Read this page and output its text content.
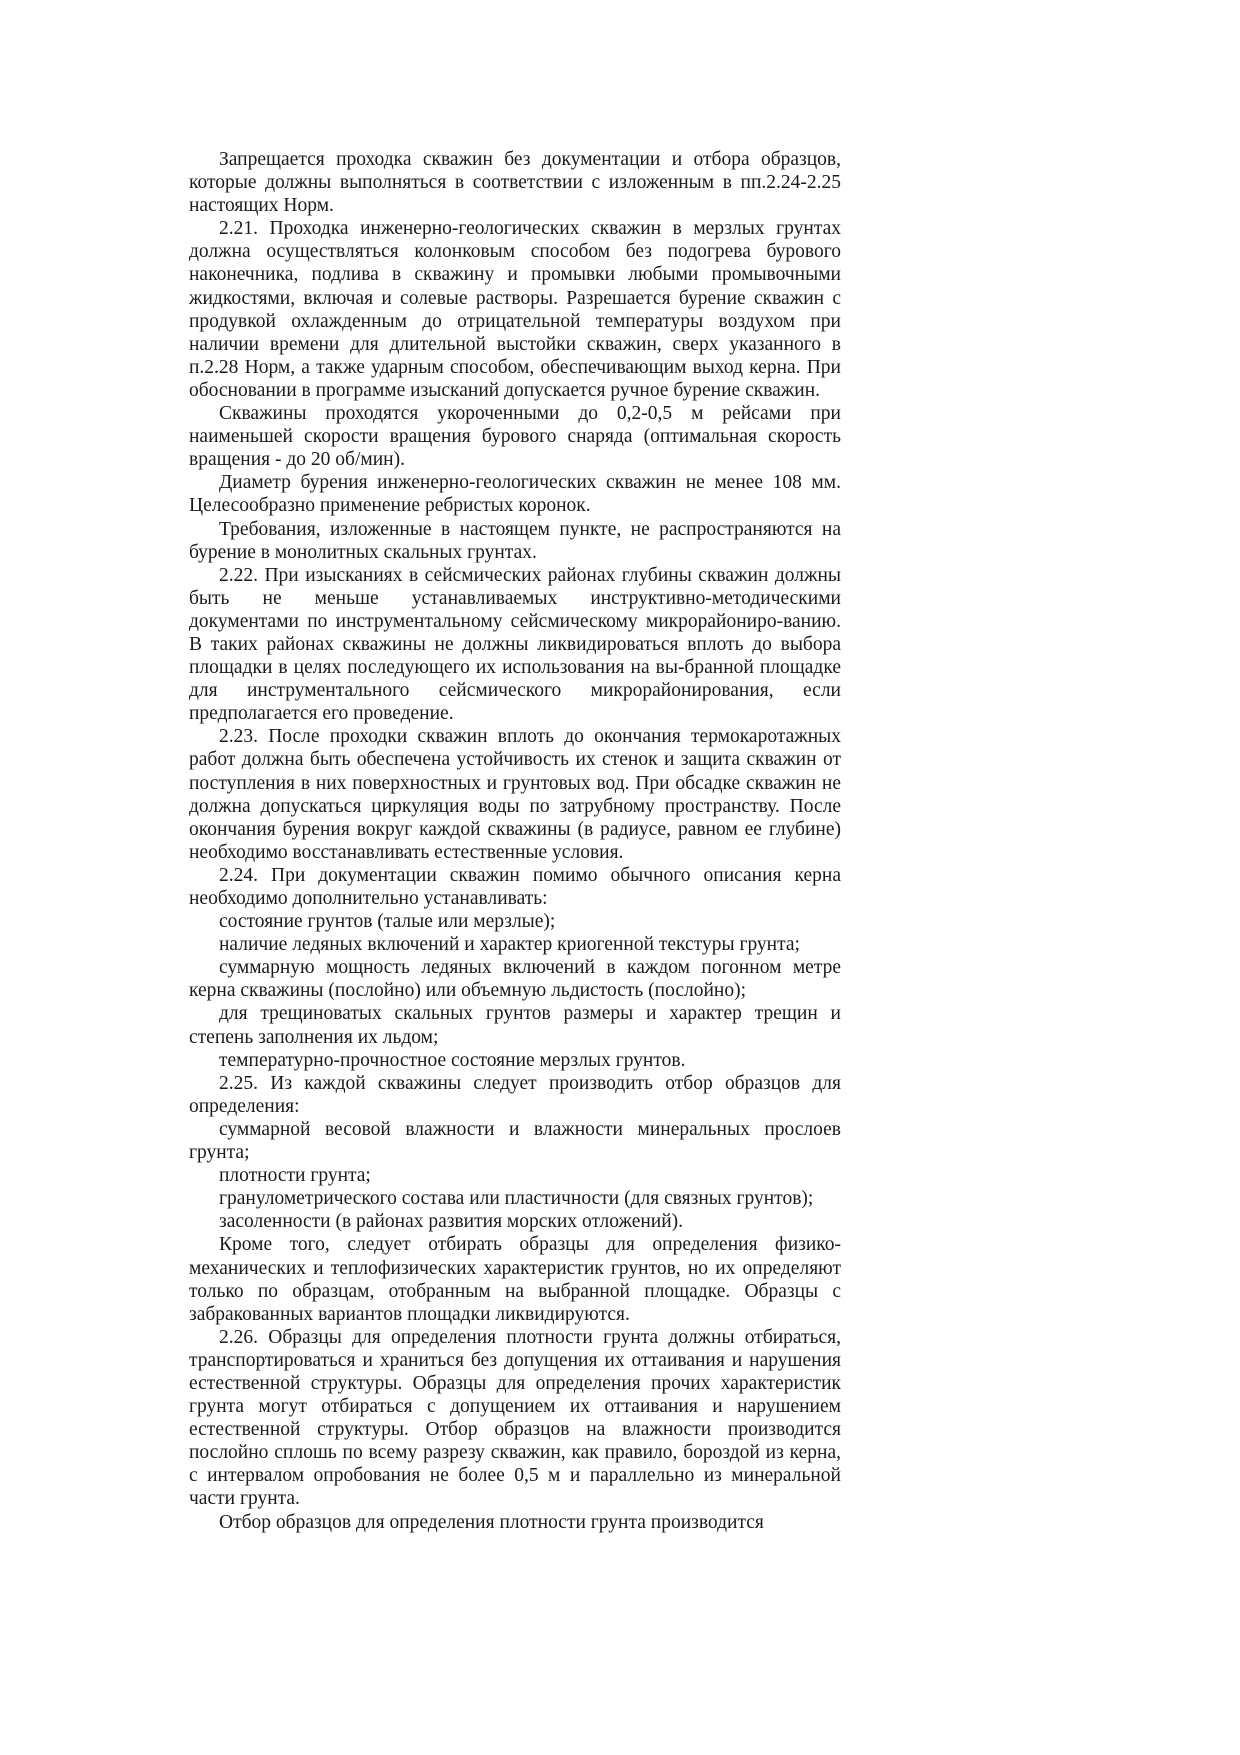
Запрещается проходка скважин без документации и отбора образцов, которые должны выполняться в соответствии с изложенным в пп.2.24-2.25 настоящих Норм.

2.21. Проходка инженерно-геологических скважин в мерзлых грунтах должна осуществляться колонковым способом без подогрева бурового наконечника, подлива в скважину и промывки любыми промывочными жидкостями, включая и солевые растворы. Разрешается бурение скважин с продувкой охлажденным до отрицательной температуры воздухом при наличии времени для длительной выстойки скважин, сверх указанного в п.2.28 Норм, а также ударным способом, обеспечивающим выход керна. При обосновании в программе изысканий допускается ручное бурение скважин.

Скважины проходятся укороченными до 0,2-0,5 м рейсами при наименьшей скорости вращения бурового снаряда (оптимальная скорость вращения - до 20 об/мин).

Диаметр бурения инженерно-геологических скважин не менее 108 мм. Целесообразно применение ребристых коронок.

Требования, изложенные в настоящем пункте, не распространяются на бурение в монолитных скальных грунтах.

2.22. При изысканиях в сейсмических районах глубины скважин должны быть не меньше устанавливаемых инструктивно-методическими документами по инструментальному сейсмическому микрорайониро-ванию. В таких районах скважины не должны ликвидироваться вплоть до выбора площадки в целях последующего их использования на вы-бранной площадке для инструментального сейсмического микрорайонирования, если предполагается его проведение.

2.23. После проходки скважин вплоть до окончания термокаротажных работ должна быть обеспечена устойчивость их стенок и защита скважин от поступления в них поверхностных и грунтовых вод. При обсадке скважин не должна допускаться циркуляция воды по затрубному пространству. После окончания бурения вокруг каждой скважины (в радиусе, равном ее глубине) необходимо восстанавливать естественные условия.

2.24. При документации скважин помимо обычного описания керна необходимо дополнительно устанавливать:

состояние грунтов (талые или мерзлые);

наличие ледяных включений и характер криогенной текстуры грунта;

суммарную мощность ледяных включений в каждом погонном метре керна скважины (послойно) или объемную льдистость (послойно);

для трещиноватых скальных грунтов размеры и характер трещин и степень заполнения их льдом;

температурно-прочностное состояние мерзлых грунтов.

2.25. Из каждой скважины следует производить отбор образцов для определения:

суммарной весовой влажности и влажности минеральных прослоев грунта;

плотности грунта;

гранулометрического состава или пластичности (для связных грунтов);

засоленности (в районах развития морских отложений).

Кроме того, следует отбирать образцы для определения физико-механических и теплофизических характеристик грунтов, но их определяют только по образцам, отобранным на выбранной площадке. Образцы с забракованных вариантов площадки ликвидируются.

2.26. Образцы для определения плотности грунта должны отбираться, транспортироваться и храниться без допущения их оттаивания и нарушения естественной структуры. Образцы для определения прочих характеристик грунта могут отбираться с допущением их оттаивания и нарушением естественной структуры. Отбор образцов на влажности производится послойно сплошь по всему разрезу скважин, как правило, бороздой из керна, с интервалом опробования не более 0,5 м и параллельно из минеральной части грунта.

Отбор образцов для определения плотности грунта производится
